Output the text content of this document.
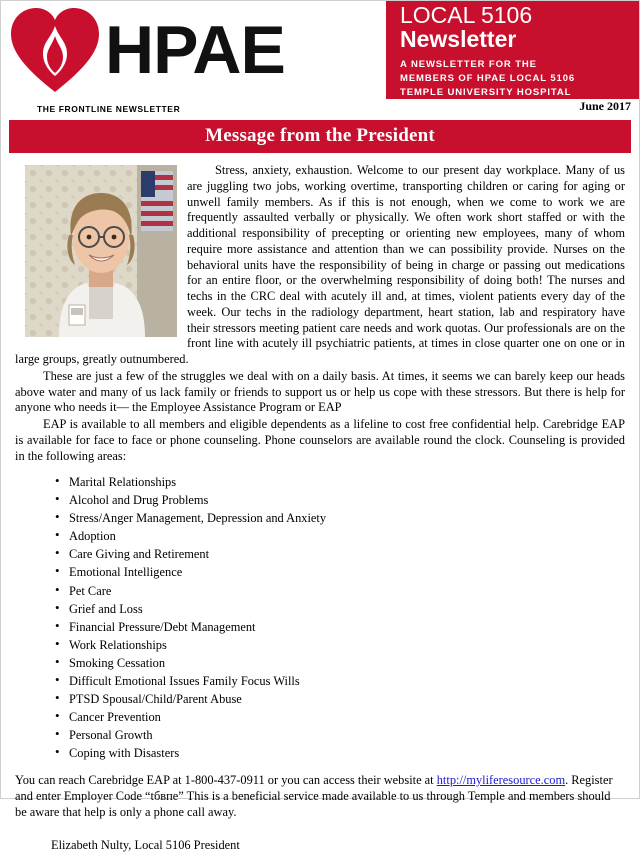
HPAE	LOCAL 5106 Newsletter
A NEWSLETTER FOR THE
MEMBERS OF HPAE LOCAL 5106
TEMPLE UNIVERSITY HOSPITAL
THE FRONTLINE NEWSLETTER	June 2017
Message from the President

Stress, anxiety, exhaustion. Welcome to our present day workplace. Many of us are juggling two jobs, working overtime, transporting children or caring for aging or unwell family members. As if this is not enough, when we come to work we are frequently assaulted verbally or physically. We often work short staffed or with the additional responsibility of precepting or orienting new employees, many of whom require more assistance and attention than we can possibility provide. Nurses on the behavioral units have the responsibility of being in charge or passing out medications for an entire floor, or the overwhelming responsibility of doing both! The nurses and techs in the CRC deal with acutely ill and, at times, violent patients every day of the week. Our techs in the radiology department, heart station, lab and respiratory have their stressors meeting patient care needs and work quotas. Our professionals are on the front line with acutely ill psychiatric patients, at times in close quarter one on one or in large groups, greatly outnumbered.

These are just a few of the struggles we deal with on a daily basis. At times, it seems we can barely keep our heads above water and many of us lack family or friends to support us or help us cope with these stressors. But there is help for anyone who needs it— the Employee Assistance Program or EAP

EAP is available to all members and eligible dependents as a lifeline to cost free confidential help. Carebridge EAP is available for face to face or phone counseling. Phone counselors are available round the clock. Counseling is provided in the following areas:

• Marital Relationships
• Alcohol and Drug Problems
• Stress/Anger Management, Depression and Anxiety
• Adoption
• Care Giving and Retirement
• Emotional Intelligence
• Pet Care
• Grief and Loss
• Financial Pressure/Debt Management
• Work Relationships
• Smoking Cessation
• Difficult Emotional Issues Family Focus Wills
• PTSD Spousal/Child/Parent Abuse
• Cancer Prevention
• Personal Growth
• Coping with Disasters

You can reach Carebridge EAP at 1-800-437-0911 or you can access their website at http://myliferesource.com. Register and enter Employer Code “tбвпe” This is a beneficial service made available to us through Temple and members should be aware that help is only a phone call away.

Elizabeth Nulty, Local 5106 President
